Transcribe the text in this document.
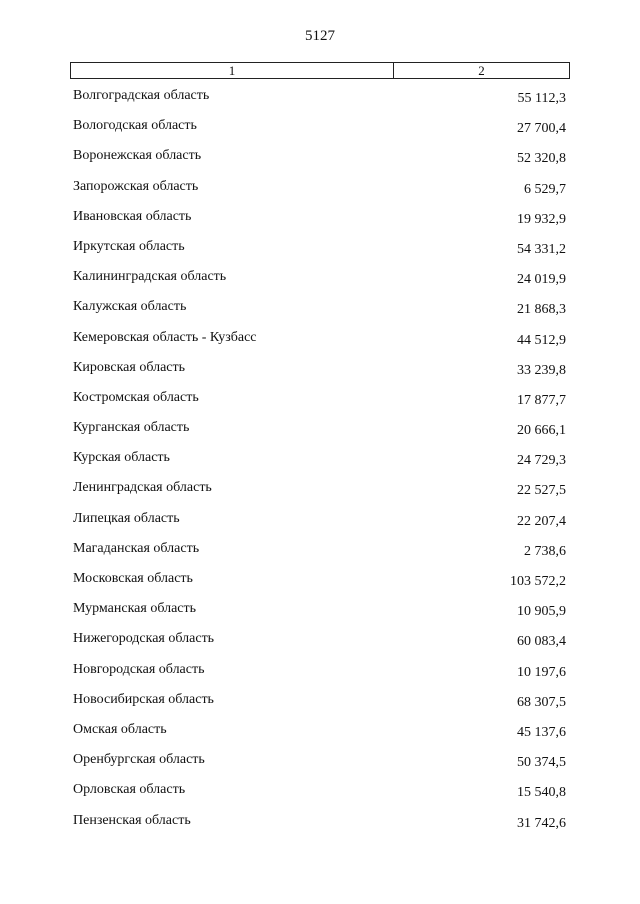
5127
1	2
Волгоградская область	55 112,3
Вологодская область	27 700,4
Воронежская область	52 320,8
Запорожская область	6 529,7
Ивановская область	19 932,9
Иркутская область	54 331,2
Калининградская область	24 019,9
Калужская область	21 868,3
Кемеровская область - Кузбасс	44 512,9
Кировская область	33 239,8
Костромская область	17 877,7
Курганская область	20 666,1
Курская область	24 729,3
Ленинградская область	22 527,5
Липецкая область	22 207,4
Магаданская область	2 738,6
Московская область	103 572,2
Мурманская область	10 905,9
Нижегородская область	60 083,4
Новгородская область	10 197,6
Новосибирская область	68 307,5
Омская область	45 137,6
Оренбургская область	50 374,5
Орловская область	15 540,8
Пензенская область	31 742,6
